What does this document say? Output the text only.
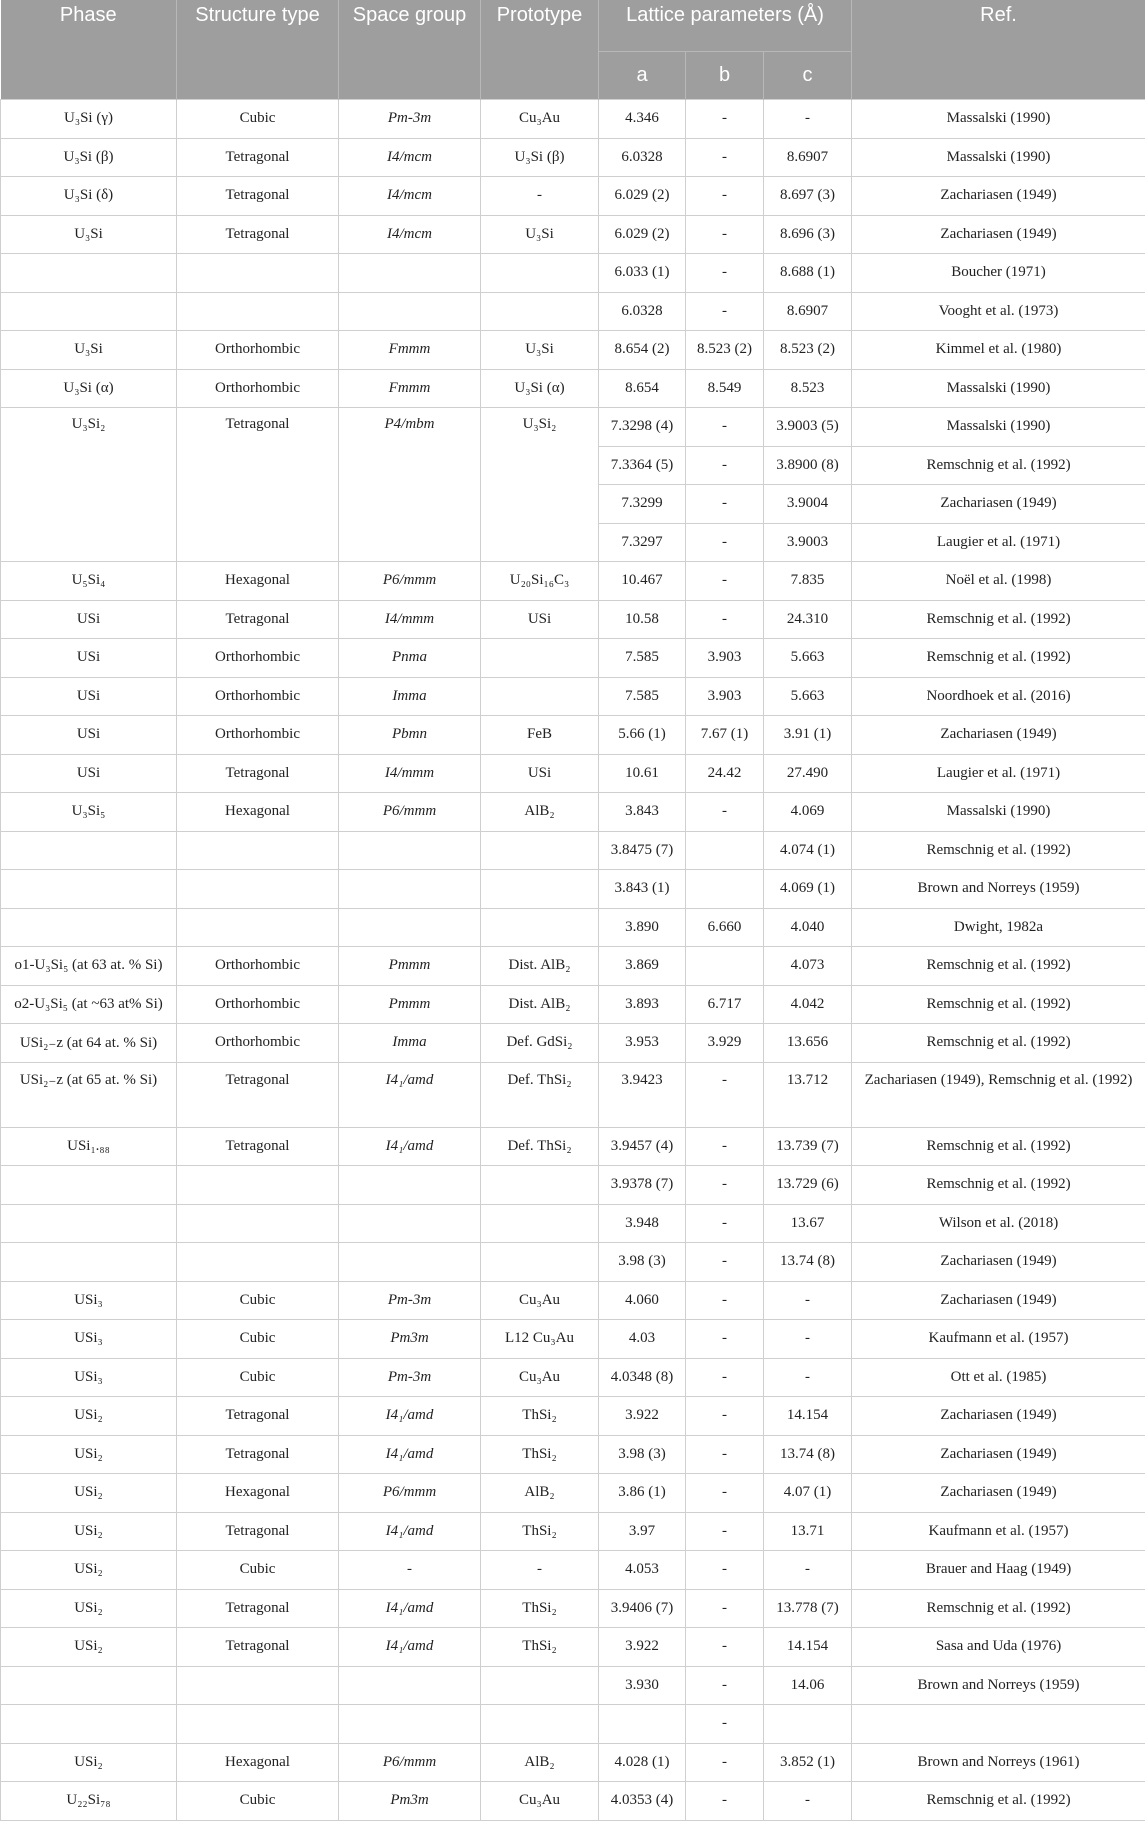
Phase	Structure type	Space group	Prototype	Lattice parameters (Å)			Ref.
				a	b	c	
U₃Si (γ)	Cubic	Pm-3m	Cu₃Au	4.346	-	-	Massalski (1990)
U₃Si (β)	Tetragonal	I4/mcm	U₃Si (β)	6.0328	-	8.6907	Massalski (1990)
U₃Si (δ)	Tetragonal	I4/mcm	-	6.029 (2)	-	8.697 (3)	Zachariasen (1949)
U₃Si	Tetragonal	I4/mcm	U₃Si	6.029 (2)	-	8.696 (3)	Zachariasen (1949)
				6.033 (1)	-	8.688 (1)	Boucher (1971)
				6.0328	-	8.6907	Vooght et al. (1973)
U₃Si	Orthorhombic	Fmmm	U₃Si	8.654 (2)	8.523 (2)	8.523 (2)	Kimmel et al. (1980)
U₃Si (α)	Orthorhombic	Fmmm	U₃Si (α)	8.654	8.549	8.523	Massalski (1990)
U₃Si₂	Tetragonal	P4/mbm	U₃Si₂	7.3298 (4)	-	3.9003 (5)	Massalski (1990)
				7.3364 (5)	-	3.8900 (8)	Remschnig et al. (1992)
				7.3299	-	3.9004	Zachariasen (1949)
				7.3297	-	3.9003	Laugier et al. (1971)
U₅Si₄	Hexagonal	P6/mmm	U₂₀Si₁₆C₃	10.467	-	7.835	Noël et al. (1998)
USi	Tetragonal	I4/mmm	USi	10.58	-	24.310	Remschnig et al. (1992)
USi	Orthorhombic	Pnma		7.585	3.903	5.663	Remschnig et al. (1992)
USi	Orthorhombic	Imma		7.585	3.903	5.663	Noordhoek et al. (2016)
USi	Orthorhombic	Pbmn	FeB	5.66 (1)	7.67 (1)	3.91 (1)	Zachariasen (1949)
USi	Tetragonal	I4/mmm	USi	10.61	24.42	27.490	Laugier et al. (1971)
U₃Si₅	Hexagonal	P6/mmm	AlB₂	3.843	-	4.069	Massalski (1990)
				3.8475 (7)		4.074 (1)	Remschnig et al. (1992)
				3.843 (1)		4.069 (1)	Brown and Norreys (1959)
				3.890	6.660	4.040	Dwight, 1982a
o1-U₃Si₅ (at 63 at. % Si)	Orthorhombic	Pmmm	Dist. AlB₂	3.869		4.073	Remschnig et al. (1992)
o2-U₃Si₅ (at ~63 at% Si)	Orthorhombic	Pmmm	Dist. AlB₂	3.893	6.717	4.042	Remschnig et al. (1992)
USi₂₋z (at 64 at. % Si)	Orthorhombic	Imma	Def. GdSi₂	3.953	3.929	13.656	Remschnig et al. (1992)
USi₂₋z (at 65 at. % Si)	Tetragonal	I4₁/amd	Def. ThSi₂	3.9423	-	13.712	Zachariasen (1949), Remschnig et al. (1992)
USi₁.₈₈	Tetragonal	I4₁/amd	Def. ThSi₂	3.9457 (4)	-	13.739 (7)	Remschnig et al. (1992)
				3.9378 (7)	-	13.729 (6)	Remschnig et al. (1992)
				3.948	-	13.67	Wilson et al. (2018)
				3.98 (3)	-	13.74 (8)	Zachariasen (1949)
USi₃	Cubic	Pm-3m	Cu₃Au	4.060	-	-	Zachariasen (1949)
USi₃	Cubic	Pm3m	L12 Cu₃Au	4.03	-	-	Kaufmann et al. (1957)
USi₃	Cubic	Pm-3m	Cu₃Au	4.0348 (8)	-	-	Ott et al. (1985)
USi₂	Tetragonal	I4₁/amd	ThSi₂	3.922	-	14.154	Zachariasen (1949)
USi₂	Tetragonal	I4₁/amd	ThSi₂	3.98 (3)	-	13.74 (8)	Zachariasen (1949)
USi₂	Hexagonal	P6/mmm	AlB₂	3.86 (1)	-	4.07 (1)	Zachariasen (1949)
USi₂	Tetragonal	I4₁/amd	ThSi₂	3.97	-	13.71	Kaufmann et al. (1957)
USi₂	Cubic	-	-	4.053	-	-	Brauer and Haag (1949)
USi₂	Tetragonal	I4₁/amd	ThSi₂	3.9406 (7)	-	13.778 (7)	Remschnig et al. (1992)
USi₂	Tetragonal	I4₁/amd	ThSi₂	3.922	-	14.154	Sasa and Uda (1976)
				3.930	-	14.06	Brown and Norreys (1959)
					-		
USi₂	Hexagonal	P6/mmm	AlB₂	4.028 (1)	-	3.852 (1)	Brown and Norreys (1961)
U₂₂Si₇₈	Cubic	Pm3m	Cu₃Au	4.0353 (4)	-	-	Remschnig et al. (1992)
